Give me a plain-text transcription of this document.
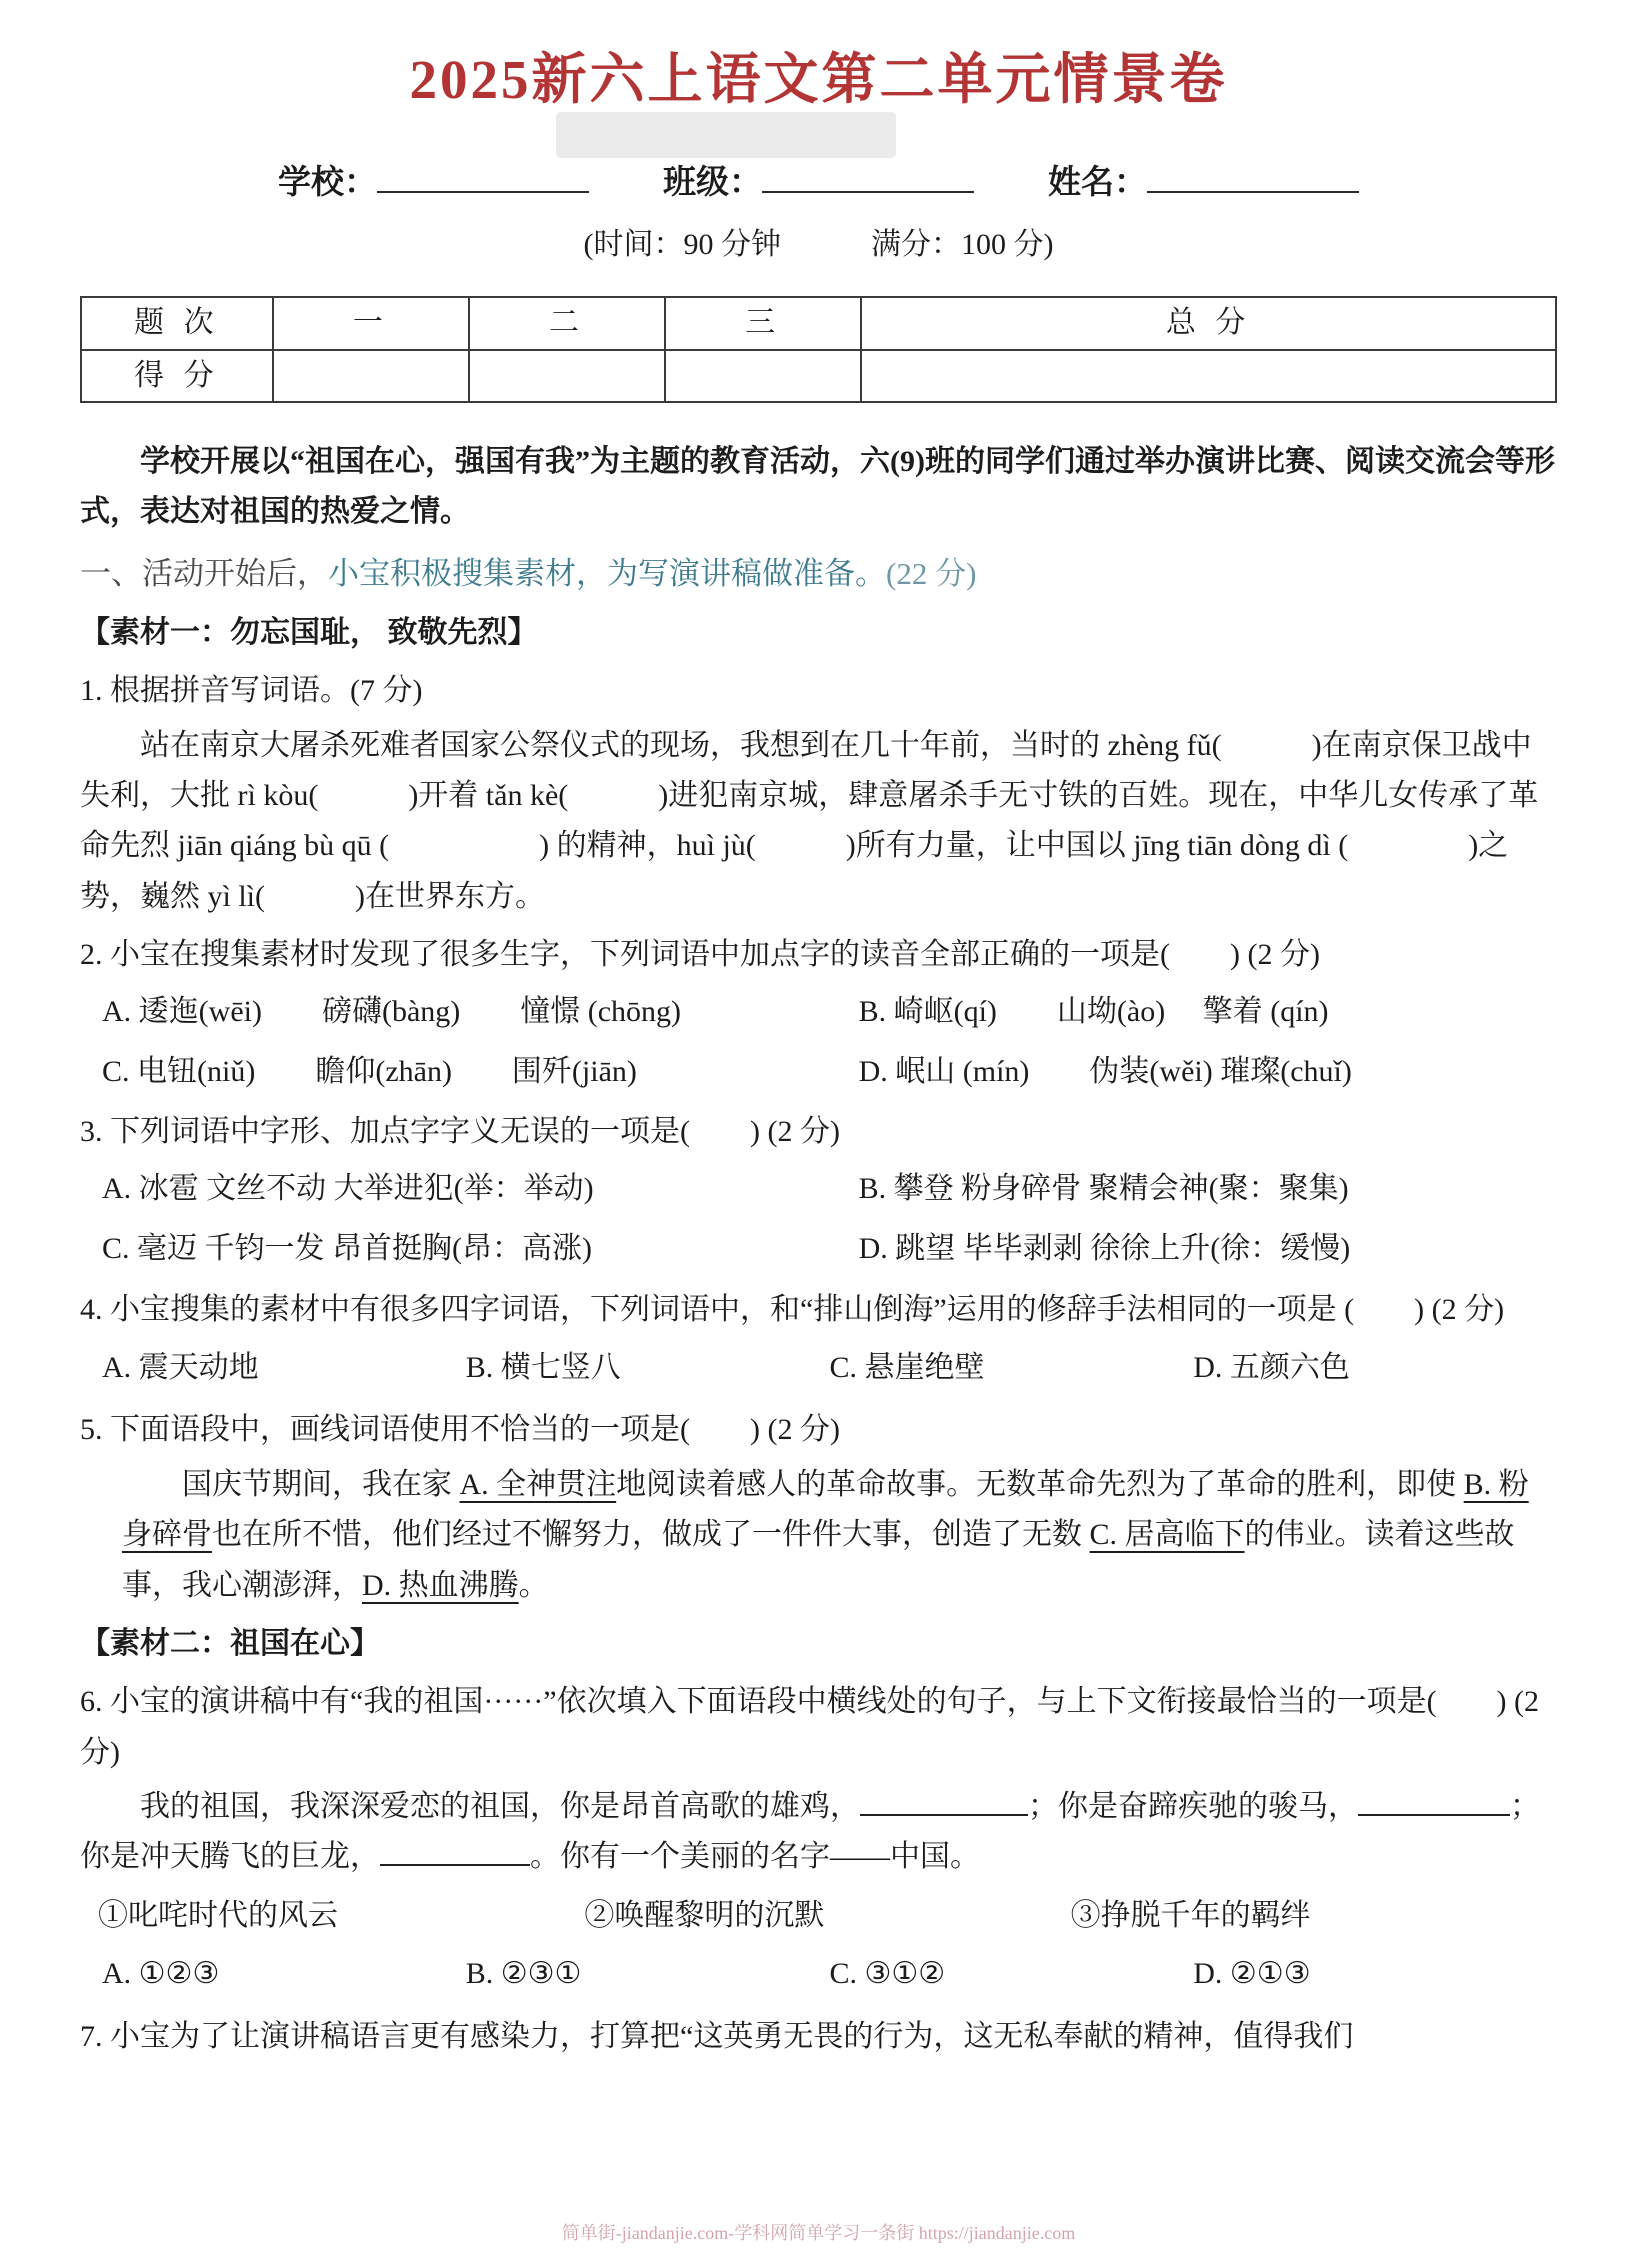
2025新六上语文第二单元情景卷
学校：	班级：	姓名：
(时间：90 分钟　　　满分：100 分)
题 次	一	二	三	总 分
得 分				

学校开展以“祖国在心，强国有我”为主题的教育活动，六(9)班的同学们通过举办演讲比赛、阅读交流会等形式，表达对祖国的热爱之情。

一、活动开始后，小宝积极搜集素材，为写演讲稿做准备。(22 分)

【素材一：勿忘国耻， 致敬先烈】

1. 根据拼音写词语。(7 分)

站在南京大屠杀死难者国家公祭仪式的现场，我想到在几十年前，当时的 zhèng fǔ(　　　)在南京保卫战中失利，大批 rì kòu(　　　)开着 tǎn kè(　　　)进犯南京城，肆意屠杀手无寸铁的百姓。现在，中华儿女传承了革命先烈 jiān qiáng bù qū (　　　　　) 的精神，huì jù(　　　)所有力量，让中国以 jīng tiān dòng dì (　　　　)之势，巍然 yì lì(　　　)在世界东方。

2. 小宝在搜集素材时发现了很多生字，下列词语中加点字的读音全部正确的一项是(　　) (2 分)

A. 逶迤(wēi)　　磅礴(bàng)　　憧憬 (chōng)	B. 崎岖(qí)　　山坳(ào)　 擎着 (qín)
C. 电钮(niǔ)　　瞻仰(zhān)　　围歼(jiān)	D. 岷山 (mín)　　伪装(wěi) 璀璨(chuǐ)

3. 下列词语中字形、加点字字义无误的一项是(　　) (2 分)

A. 冰雹 文丝不动 大举进犯(举：举动)	B. 攀登 粉身碎骨 聚精会神(聚：聚集)
C. 毫迈 千钧一发 昂首挺胸(昂：高涨)	D. 跳望 毕毕剥剥 徐徐上升(徐：缓慢)

4. 小宝搜集的素材中有很多四字词语，下列词语中，和“排山倒海”运用的修辞手法相同的一项是 (　　) (2 分)

A. 震天动地	B. 横七竖八	C. 悬崖绝壁	D. 五颜六色

5. 下面语段中，画线词语使用不恰当的一项是(　　) (2 分)

国庆节期间，我在家 A. 全神贯注地阅读着感人的革命故事。无数革命先烈为了革命的胜利，即使 B. 粉身碎骨也在所不惜，他们经过不懈努力，做成了一件件大事，创造了无数 C. 居高临下的伟业。读着这些故事，我心潮澎湃，D. 热血沸腾。

【素材二：祖国在心】

6. 小宝的演讲稿中有“我的祖国······”依次填入下面语段中横线处的句子，与上下文衔接最恰当的一项是(　　) (2 分)

我的祖国，我深深爱恋的祖国，你是昂首高歌的雄鸡，	；你是奋蹄疾驰的骏马，	；你是冲天腾飞的巨龙，	。你有一个美丽的名字——中国。

①叱咤时代的风云	②唤醒黎明的沉默	③挣脱千年的羁绊
A. ①②③	B. ②③①	C. ③①②	D. ②①③

7. 小宝为了让演讲稿语言更有感染力，打算把“这英勇无畏的行为，这无私奉献的精神，值得我们

简单街-jiandanjie.com-学科网简单学习一条街 https://jiandanjie.com
